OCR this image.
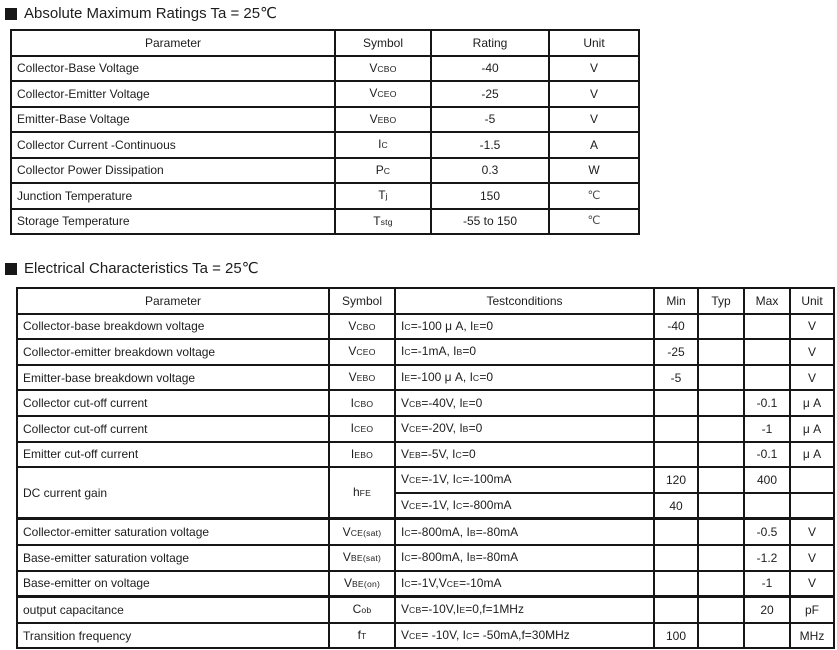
Absolute Maximum Ratings Ta = 25℃
Parameter	Symbol	Rating	Unit
Collector-Base Voltage	VCBO	-40	V
Collector-Emitter Voltage	VCEO	-25	V
Emitter-Base Voltage	VEBO	-5	V
Collector Current -Continuous	IC	-1.5	A
Collector Power Dissipation	PC	0.3	W
Junction Temperature	Tj	150	℃
Storage Temperature	Tstg	-55 to 150	℃
Electrical Characteristics Ta = 25℃
Parameter	Symbol	Testconditions	Min	Typ	Max	Unit
Collector-base breakdown voltage	VCBO	IC=-100 μ A, IE=0	-40			V
Collector-emitter breakdown voltage	VCEO	IC=-1mA, IB=0	-25			V
Emitter-base breakdown voltage	VEBO	IE=-100 μ A, IC=0	-5			V
Collector cut-off current	ICBO	VCB=-40V, IE=0			-0.1	μ A
Collector cut-off current	ICEO	VCE=-20V, IB=0			-1	μ A
Emitter cut-off current	IEBO	VEB=-5V, IC=0			-0.1	μ A
DC current gain	hFE	VCE=-1V, IC=-100mA	120		400	
		VCE=-1V, IC=-800mA	40			
Collector-emitter saturation voltage	VCE(sat)	IC=-800mA, IB=-80mA			-0.5	V
Base-emitter saturation voltage	VBE(sat)	IC=-800mA, IB=-80mA			-1.2	V
Base-emitter on voltage	VBE(on)	IC=-1V,VCE=-10mA			-1	V
output capacitance	Cob	VCB=-10V,IE=0,f=1MHz			20	pF
Transition frequency	fT	VCE= -10V, IC= -50mA,f=30MHz	100			MHz
